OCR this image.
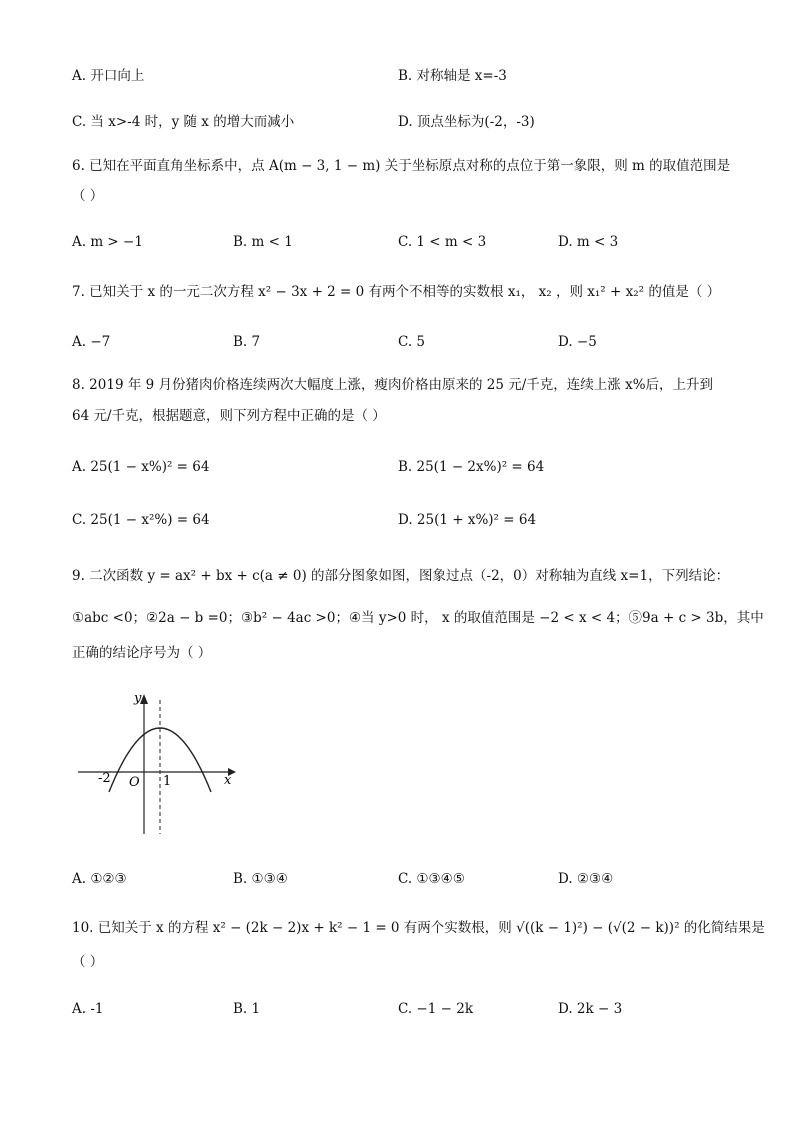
A. 开口向上	B. 对称轴是 x=-3
C. 当 x>-4 时，y 随 x 的增大而减小	D. 顶点坐标为(-2，-3)
6. 已知在平面直角坐标系中，点 A(m − 3, 1 − m) 关于坐标原点对称的点位于第一象限，则 m 的取值范围是
（ ）
A. m > −1	B. m < 1	C. 1 < m < 3	D. m < 3
7. 已知关于 x 的一元二次方程 x² − 3x + 2 = 0 有两个不相等的实数根 x₁， x₂ ，则 x₁² + x₂² 的值是（ ）
A. −7	B. 7	C. 5	D. −5
8. 2019 年 9 月份猪肉价格连续两次大幅度上涨，瘦肉价格由原来的 25 元/千克，连续上涨 x%后，上升到
64 元/千克，根据题意，则下列方程中正确的是（ ）
A. 25(1 − x%)² = 64	B. 25(1 − 2x%)² = 64
C. 25(1 − x²%) = 64	D. 25(1 + x%)² = 64
9. 二次函数 y = ax² + bx + c(a ≠ 0) 的部分图象如图，图象过点（-2，0）对称轴为直线 x=1，下列结论：
①abc <0；②2a − b =0；③b² − 4ac >0；④当 y>0 时， x 的取值范围是 −2 < x < 4；⑤9a + c > 3b，其中
正确的结论序号为（ ）
y
x
O
-2	1
A. ①②③	B. ①③④	C. ①③④⑤	D. ②③④
10. 已知关于 x 的方程 x² − (2k − 2)x + k² − 1 = 0 有两个实数根，则 √((k − 1)²) − (√(2 − k))² 的化简结果是
（ ）
A. -1	B. 1	C. −1 − 2k	D. 2k − 3
